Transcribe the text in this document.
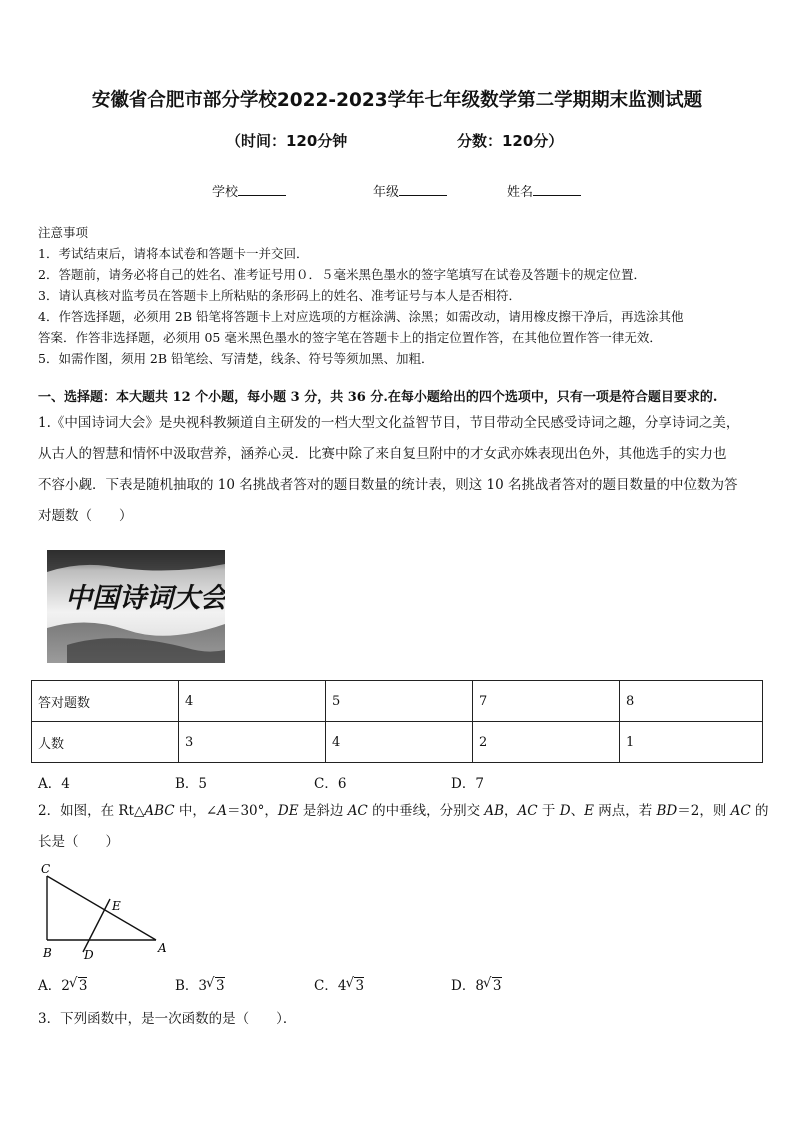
安徽省合肥市部分学校2022-2023学年七年级数学第二学期期末监测试题
（时间：120分钟	分数：120分）
学校	年级	姓名
注意事项
1．考试结束后，请将本试卷和答题卡一并交回．
2．答题前，请务必将自己的姓名、准考证号用０．５毫米黑色墨水的签字笔填写在试卷及答题卡的规定位置．
3．请认真核对监考员在答题卡上所粘贴的条形码上的姓名、准考证号与本人是否相符．
4．作答选择题，必须用 2B 铅笔将答题卡上对应选项的方框涂满、涂黑；如需改动，请用橡皮擦干净后，再选涂其他
答案．作答非选择题，必须用 05 毫米黑色墨水的签字笔在答题卡上的指定位置作答，在其他位置作答一律无效．
5．如需作图，须用 2B 铅笔绘、写清楚，线条、符号等须加黑、加粗．
一、选择题：本大题共 12 个小题，每小题 3 分，共 36 分.在每小题给出的四个选项中，只有一项是符合题目要求的.
1.《中国诗词大会》是央视科教频道自主研发的一档大型文化益智节目，节目带动全民感受诗词之趣，分享诗词之美，
从古人的智慧和情怀中汲取营养，涵养心灵．比赛中除了来自复旦附中的才女武亦姝表现出色外，其他选手的实力也
不容小觑．下表是随机抽取的 10 名挑战者答对的题目数量的统计表，则这 10 名挑战者答对的题目数量的中位数为答
对题数（　　）
中国诗词大会
答对题数	4	5	7	8
人数	3	4	2	1
A．4	B．5	C．6	D．7
2．如图，在 Rt△ABC 中，∠A＝30°，DE 是斜边 AC 的中垂线，分别交 AB，AC 于 D、E 两点，若 BD＝2，则 AC 的
长是（　　）
C
E
B	D	A
A．2 √ 3	B．3 √ 3	C．4 √ 3	D．8 √ 3
3．下列函数中，是一次函数的是（　　）．
